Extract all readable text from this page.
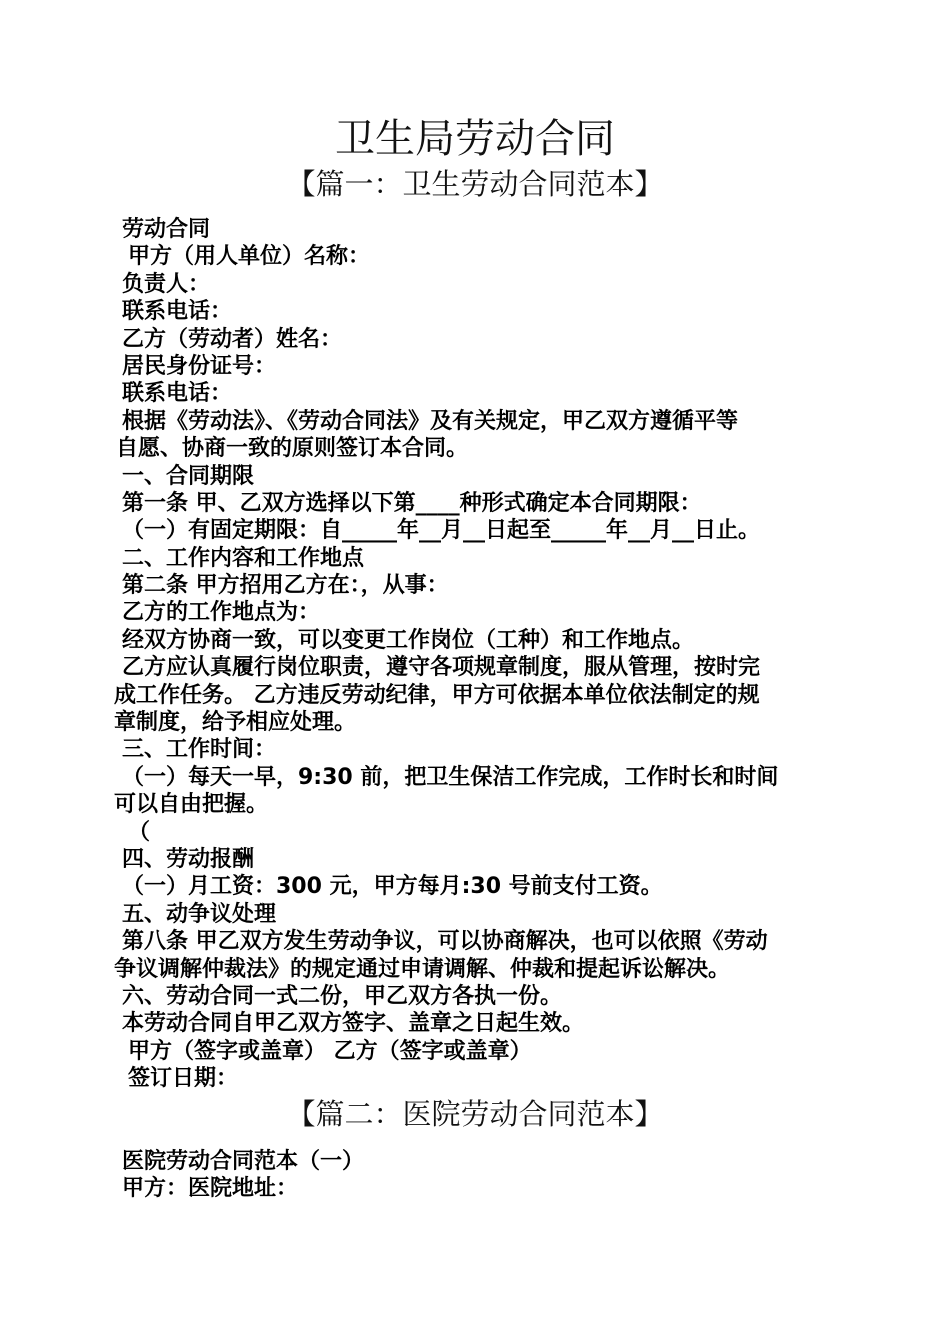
卫生局劳动合同
【篇一：卫生劳动合同范本】
劳动合同
甲方（用人单位）名称：
负责人：
联系电话：
乙方（劳动者）姓名：
居民身份证号：
联系电话：
根据《劳动法》、《劳动合同法》及有关规定，甲乙双方遵循平等
自愿、协商一致的原则签订本合同。
一、合同期限
第一条 甲、乙双方选择以下第____种形式确定本合同期限：
（一）有固定期限：自_____年__月__日起至_____年__月__日止。
二、工作内容和工作地点
第二条 甲方招用乙方在：，从事：
乙方的工作地点为：
经双方协商一致，可以变更工作岗位（工种）和工作地点。
乙方应认真履行岗位职责，遵守各项规章制度，服从管理，按时完
成工作任务。 乙方违反劳动纪律，甲方可依据本单位依法制定的规
章制度，给予相应处理。
三、工作时间：
（一）每天一早，9:30 前，把卫生保洁工作完成，工作时长和时间
可以自由把握。
（
四、劳动报酬
（一）月工资：300 元，甲方每月:30 号前支付工资。
五、动争议处理
第八条 甲乙双方发生劳动争议，可以协商解决，也可以依照《劳动
争议调解仲裁法》的规定通过申请调解、仲裁和提起诉讼解决。
六、劳动合同一式二份，甲乙双方各执一份。
本劳动合同自甲乙双方签字、盖章之日起生效。
甲方（签字或盖章） 乙方（签字或盖章）
签订日期：
【篇二：医院劳动合同范本】
医院劳动合同范本（一）
甲方：医院地址：
